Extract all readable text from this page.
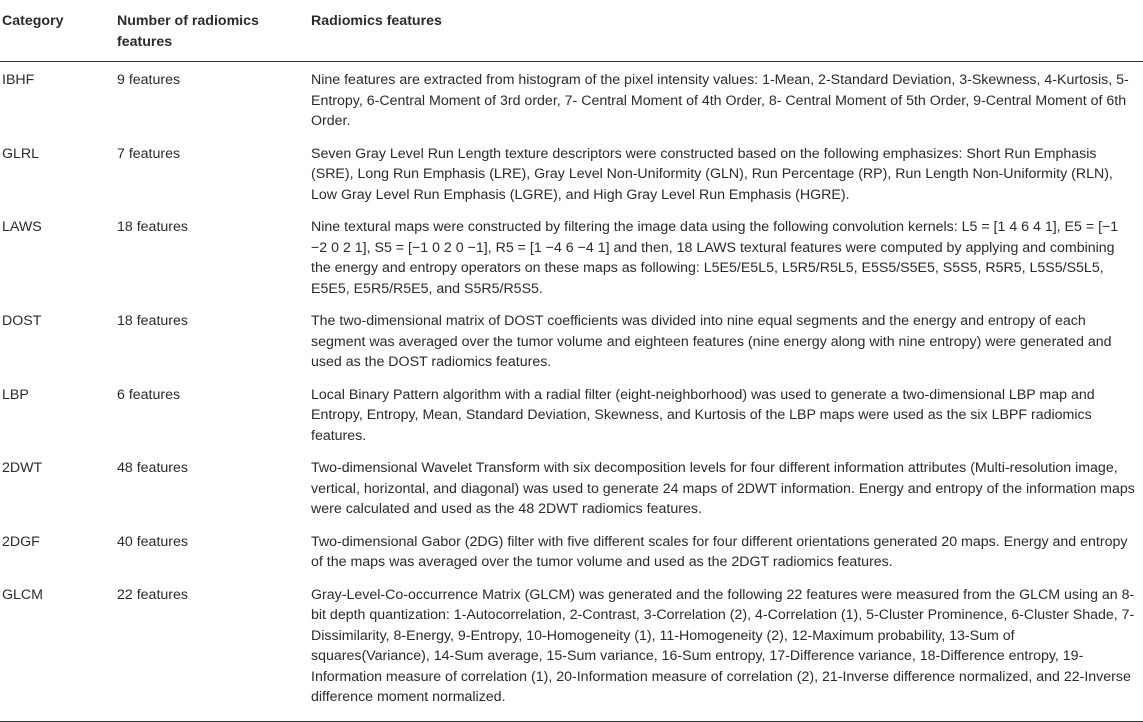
Category	Number of radiomics features	Radiomics features
IBHF	9 features	Nine features are extracted from histogram of the pixel intensity values: 1-Mean, 2-Standard Deviation, 3-Skewness, 4-Kurtosis, 5-Entropy, 6-Central Moment of 3rd order, 7- Central Moment of 4th Order, 8- Central Moment of 5th Order, 9-Central Moment of 6th Order.
GLRL	7 features	Seven Gray Level Run Length texture descriptors were constructed based on the following emphasizes: Short Run Emphasis (SRE), Long Run Emphasis (LRE), Gray Level Non-Uniformity (GLN), Run Percentage (RP), Run Length Non-Uniformity (RLN), Low Gray Level Run Emphasis (LGRE), and High Gray Level Run Emphasis (HGRE).
LAWS	18 features	Nine textural maps were constructed by filtering the image data using the following convolution kernels: L5 = [1 4 6 4 1], E5 = [−1 −2 0 2 1], S5 = [−1 0 2 0 −1], R5 = [1 −4 6 −4 1] and then, 18 LAWS textural features were computed by applying and combining the energy and entropy operators on these maps as following: L5E5/E5L5, L5R5/R5L5, E5S5/S5E5, S5S5, R5R5, L5S5/S5L5, E5E5, E5R5/R5E5, and S5R5/R5S5.
DOST	18 features	The two-dimensional matrix of DOST coefficients was divided into nine equal segments and the energy and entropy of each segment was averaged over the tumor volume and eighteen features (nine energy along with nine entropy) were generated and used as the DOST radiomics features.
LBP	6 features	Local Binary Pattern algorithm with a radial filter (eight-neighborhood) was used to generate a two-dimensional LBP map and Entropy, Entropy, Mean, Standard Deviation, Skewness, and Kurtosis of the LBP maps were used as the six LBPF radiomics features.
2DWT	48 features	Two-dimensional Wavelet Transform with six decomposition levels for four different information attributes (Multi-resolution image, vertical, horizontal, and diagonal) was used to generate 24 maps of 2DWT information. Energy and entropy of the information maps were calculated and used as the 48 2DWT radiomics features.
2DGF	40 features	Two-dimensional Gabor (2DG) filter with five different scales for four different orientations generated 20 maps. Energy and entropy of the maps was averaged over the tumor volume and used as the 2DGT radiomics features.
GLCM	22 features	Gray-Level-Co-occurrence Matrix (GLCM) was generated and the following 22 features were measured from the GLCM using an 8-bit depth quantization: 1-Autocorrelation, 2-Contrast, 3-Correlation (2), 4-Correlation (1), 5-Cluster Prominence, 6-Cluster Shade, 7-Dissimilarity, 8-Energy, 9-Entropy, 10-Homogeneity (1), 11-Homogeneity (2), 12-Maximum probability, 13-Sum of squares(Variance), 14-Sum average, 15-Sum variance, 16-Sum entropy, 17-Difference variance, 18-Difference entropy, 19-Information measure of correlation (1), 20-Information measure of correlation (2), 21-Inverse difference normalized, and 22-Inverse difference moment normalized.
